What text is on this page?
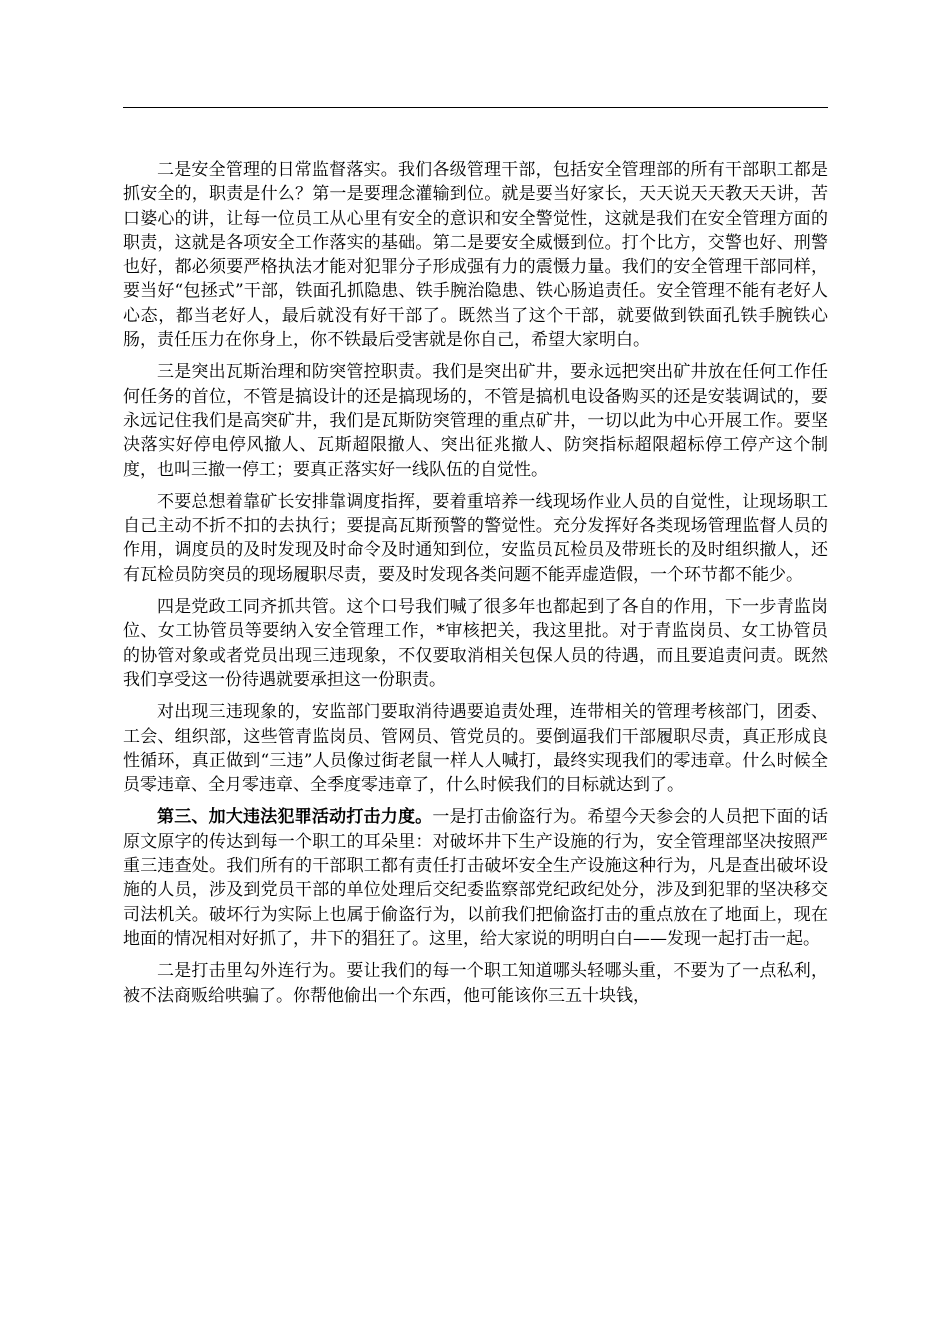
二是安全管理的日常监督落实。我们各级管理干部，包括安全管理部的所有干部职工都是抓安全的，职责是什么？第一是要理念灌输到位。就是要当好家长，天天说天天教天天讲，苦口婆心的讲，让每一位员工从心里有安全的意识和安全警觉性，这就是我们在安全管理方面的职责，这就是各项安全工作落实的基础。第二是要安全威慑到位。打个比方，交警也好、刑警也好，都必须要严格执法才能对犯罪分子形成强有力的震慑力量。我们的安全管理干部同样，要当好“包拯式”干部，铁面孔抓隐患、铁手腕治隐患、铁心肠追责任。安全管理不能有老好人心态，都当老好人，最后就没有好干部了。既然当了这个干部，就要做到铁面孔铁手腕铁心肠，责任压力在你身上，你不铁最后受害就是你自己，希望大家明白。

三是突出瓦斯治理和防突管控职责。我们是突出矿井，要永远把突出矿井放在任何工作任何任务的首位，不管是搞设计的还是搞现场的，不管是搞机电设备购买的还是安装调试的，要永远记住我们是高突矿井，我们是瓦斯防突管理的重点矿井，一切以此为中心开展工作。要坚决落实好停电停风撤人、瓦斯超限撤人、突出征兆撤人、防突指标超限超标停工停产这个制度，也叫三撤一停工；要真正落实好一线队伍的自觉性。

不要总想着靠矿长安排靠调度指挥，要着重培养一线现场作业人员的自觉性，让现场职工自己主动不折不扣的去执行；要提高瓦斯预警的警觉性。充分发挥好各类现场管理监督人员的作用，调度员的及时发现及时命令及时通知到位，安监员瓦检员及带班长的及时组织撤人，还有瓦检员防突员的现场履职尽责，要及时发现各类问题不能弄虚造假，一个环节都不能少。

四是党政工同齐抓共管。这个口号我们喊了很多年也都起到了各自的作用，下一步青监岗位、女工协管员等要纳入安全管理工作，*审核把关，我这里批。对于青监岗员、女工协管员的协管对象或者党员出现三违现象，不仅要取消相关包保人员的待遇，而且要追责问责。既然我们享受这一份待遇就要承担这一份职责。

对出现三违现象的，安监部门要取消待遇要追责处理，连带相关的管理考核部门，团委、工会、组织部，这些管青监岗员、管网员、管党员的。要倒逼我们干部履职尽责，真正形成良性循环，真正做到“三违”人员像过街老鼠一样人人喊打，最终实现我们的零违章。什么时候全员零违章、全月零违章、全季度零违章了，什么时候我们的目标就达到了。

第三、加大违法犯罪活动打击力度。一是打击偷盗行为。希望今天参会的人员把下面的话原文原字的传达到每一个职工的耳朵里：对破坏井下生产设施的行为，安全管理部坚决按照严重三违查处。我们所有的干部职工都有责任打击破坏安全生产设施这种行为，凡是查出破坏设施的人员，涉及到党员干部的单位处理后交纪委监察部党纪政纪处分，涉及到犯罪的坚决移交司法机关。破坏行为实际上也属于偷盗行为，以前我们把偷盗打击的重点放在了地面上，现在地面的情况相对好抓了，井下的猖狂了。这里，给大家说的明明白白——发现一起打击一起。

二是打击里勾外连行为。要让我们的每一个职工知道哪头轻哪头重，不要为了一点私利，被不法商贩给哄骗了。你帮他偷出一个东西，他可能该你三五十块钱，
